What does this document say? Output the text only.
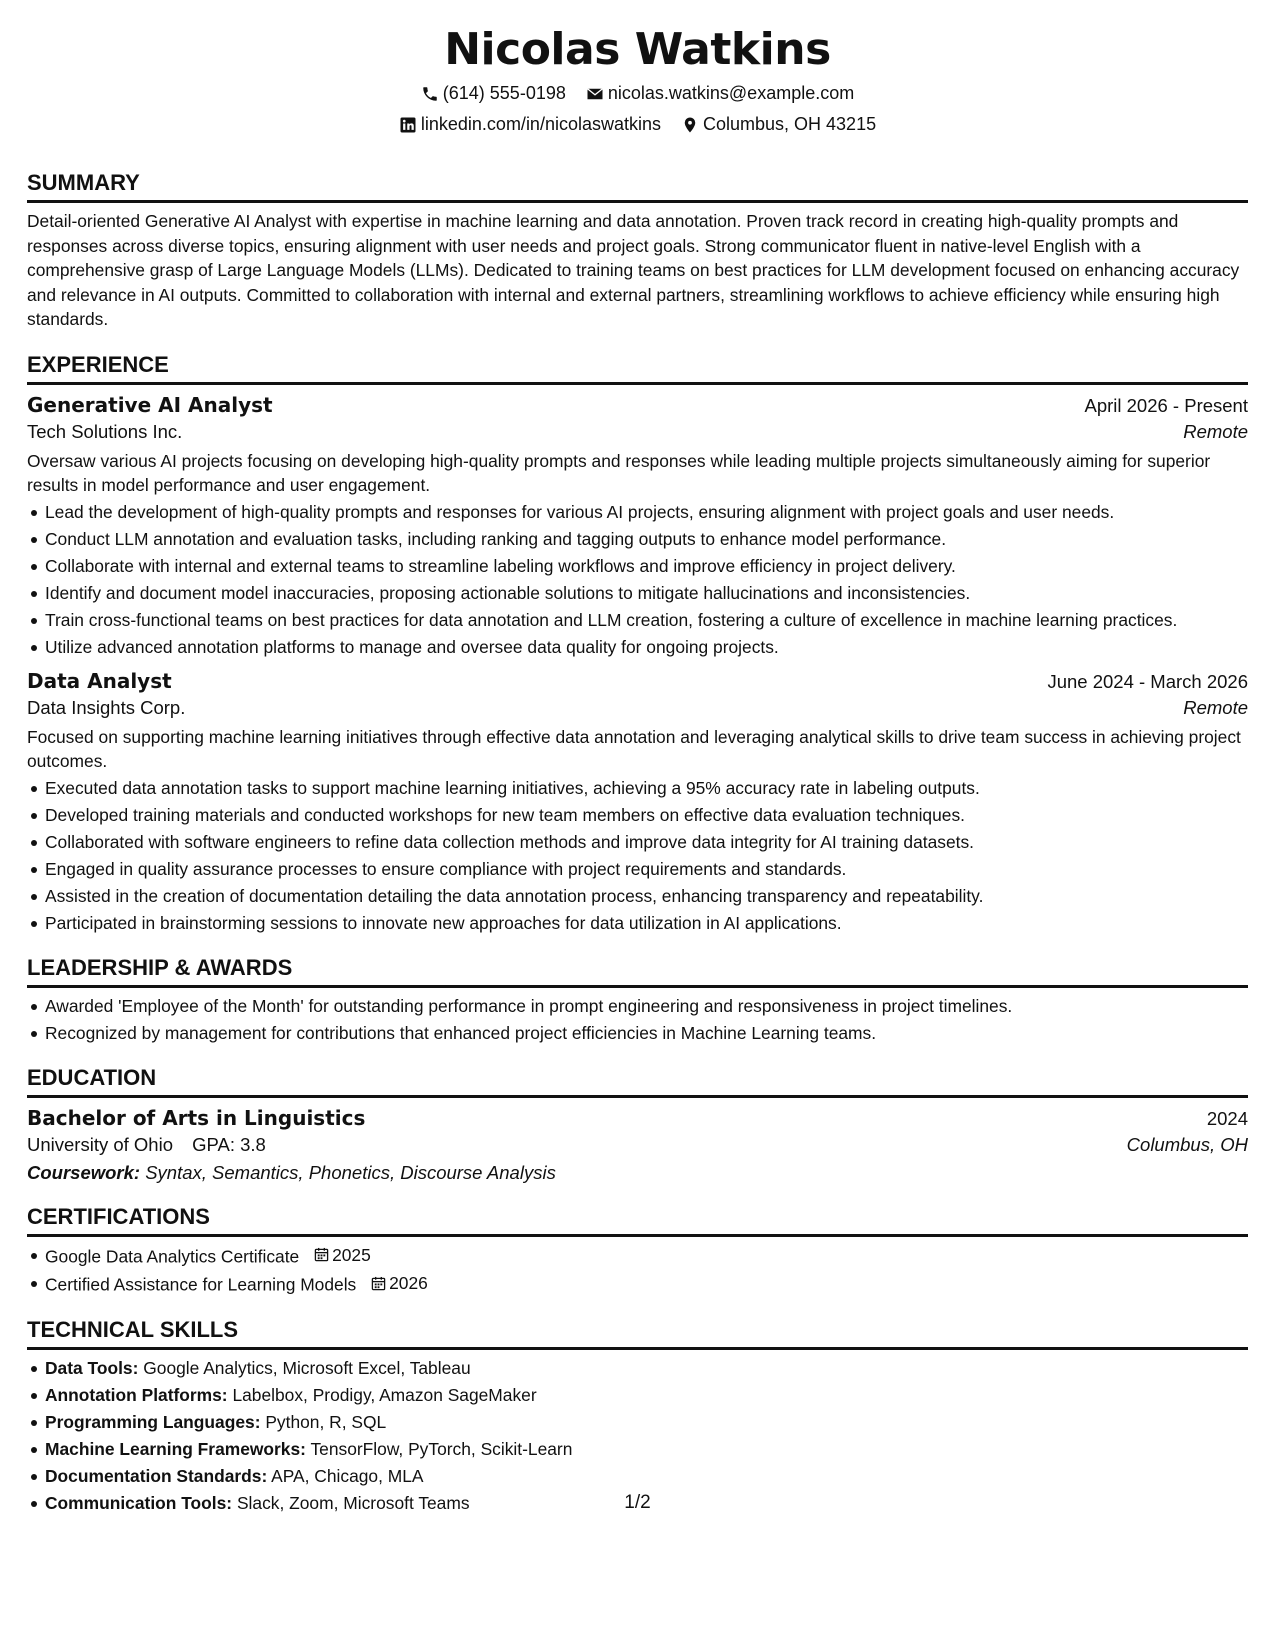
Nicolas Watkins
(614) 555-0198 nicolas.watkins@example.com
linkedin.com/in/nicolaswatkins Columbus, OH 43215
SUMMARY

Detail-oriented Generative AI Analyst with expertise in machine learning and data annotation. Proven track record in creating high-quality prompts and responses across diverse topics, ensuring alignment with user needs and project goals. Strong communicator fluent in native-level English with a comprehensive grasp of Large Language Models (LLMs). Dedicated to training teams on best practices for LLM development focused on enhancing accuracy and relevance in AI outputs. Committed to collaboration with internal and external partners, streamlining workflows to achieve efficiency while ensuring high standards.

EXPERIENCE
Generative AI Analyst	April 2026 - Present
Tech Solutions Inc.	Remote

Oversaw various AI projects focusing on developing high-quality prompts and responses while leading multiple projects simultaneously aiming for superior results in model performance and user engagement.

Lead the development of high-quality prompts and responses for various AI projects, ensuring alignment with project goals and user needs.
Conduct LLM annotation and evaluation tasks, including ranking and tagging outputs to enhance model performance.
Collaborate with internal and external teams to streamline labeling workflows and improve efficiency in project delivery.
Identify and document model inaccuracies, proposing actionable solutions to mitigate hallucinations and inconsistencies.
Train cross-functional teams on best practices for data annotation and LLM creation, fostering a culture of excellence in machine learning practices.
Utilize advanced annotation platforms to manage and oversee data quality for ongoing projects.
Data Analyst	June 2024 - March 2026
Data Insights Corp.	Remote

Focused on supporting machine learning initiatives through effective data annotation and leveraging analytical skills to drive team success in achieving project outcomes.

Executed data annotation tasks to support machine learning initiatives, achieving a 95% accuracy rate in labeling outputs.
Developed training materials and conducted workshops for new team members on effective data evaluation techniques.
Collaborated with software engineers to refine data collection methods and improve data integrity for AI training datasets.
Engaged in quality assurance processes to ensure compliance with project requirements and standards.
Assisted in the creation of documentation detailing the data annotation process, enhancing transparency and repeatability.
Participated in brainstorming sessions to innovate new approaches for data utilization in AI applications.
LEADERSHIP & AWARDS
Awarded 'Employee of the Month' for outstanding performance in prompt engineering and responsiveness in project timelines.
Recognized by management for contributions that enhanced project efficiencies in Machine Learning teams.
EDUCATION
Bachelor of Arts in Linguistics	2024
University of Ohio GPA: 3.8	Columbus, OH
Coursework: Syntax, Semantics, Phonetics, Discourse Analysis
CERTIFICATIONS
Google Data Analytics Certificate 2025
Certified Assistance for Learning Models 2026
TECHNICAL SKILLS
Data Tools: Google Analytics, Microsoft Excel, Tableau
Annotation Platforms: Labelbox, Prodigy, Amazon SageMaker
Programming Languages: Python, R, SQL
Machine Learning Frameworks: TensorFlow, PyTorch, Scikit-Learn
Documentation Standards: APA, Chicago, MLA
Communication Tools: Slack, Zoom, Microsoft Teams	1/2
